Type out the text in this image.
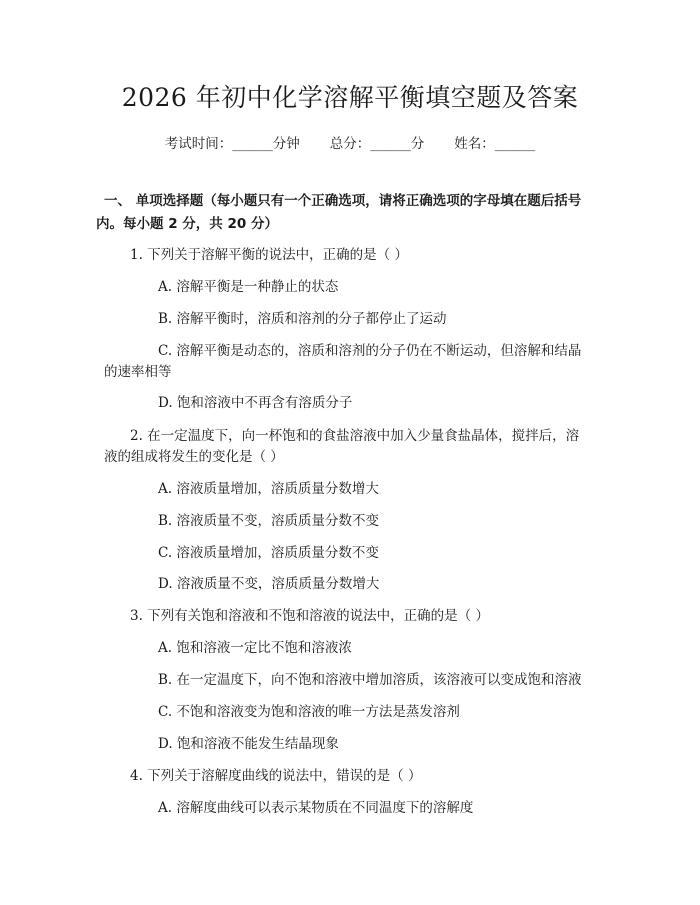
2026 年初中化学溶解平衡填空题及答案
考试时间：______分钟 总分：______分 姓名：______
一、 单项选择题（每小题只有一个正确选项，请将正确选项的字母填在题后括号
内。每小题 2 分，共 20 分）
1. 下列关于溶解平衡的说法中，正确的是（ ）
A. 溶解平衡是一种静止的状态
B. 溶解平衡时，溶质和溶剂的分子都停止了运动
C. 溶解平衡是动态的，溶质和溶剂的分子仍在不断运动，但溶解和结晶
的速率相等
D. 饱和溶液中不再含有溶质分子
2. 在一定温度下，向一杯饱和的食盐溶液中加入少量食盐晶体，搅拌后，溶
液的组成将发生的变化是（ ）
A. 溶液质量增加，溶质质量分数增大
B. 溶液质量不变，溶质质量分数不变
C. 溶液质量增加，溶质质量分数不变
D. 溶液质量不变，溶质质量分数增大
3. 下列有关饱和溶液和不饱和溶液的说法中，正确的是（ ）
A. 饱和溶液一定比不饱和溶液浓
B. 在一定温度下，向不饱和溶液中增加溶质，该溶液可以变成饱和溶液
C. 不饱和溶液变为饱和溶液的唯一方法是蒸发溶剂
D. 饱和溶液不能发生结晶现象
4. 下列关于溶解度曲线的说法中，错误的是（ ）
A. 溶解度曲线可以表示某物质在不同温度下的溶解度
